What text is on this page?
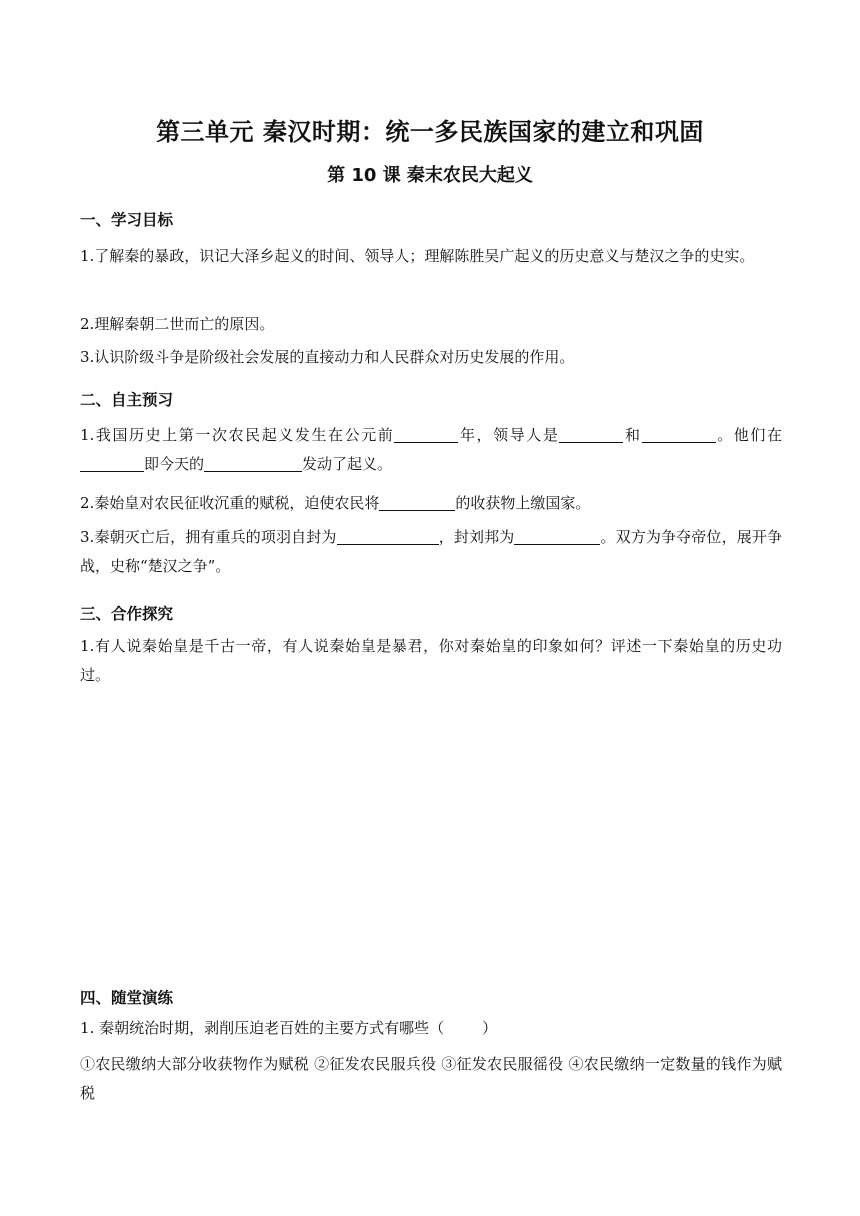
第三单元 秦汉时期：统一多民族国家的建立和巩固
第 10 课 秦末农民大起义
一、学习目标
1.了解秦的暴政，识记大泽乡起义的时间、领导人；理解陈胜吴广起义的历史意义与楚汉之争的史实。
2.理解秦朝二世而亡的原因。
3.认识阶级斗争是阶级社会发展的直接动力和人民群众对历史发展的作用。
二、自主预习
1.我国历史上第一次农民起义发生在公元前	年，领导人是	和	。他们在即今天的	发动了起义。
2.秦始皇对农民征收沉重的赋税，迫使农民将	的收获物上缴国家。
3.秦朝灭亡后，拥有重兵的项羽自封为	，封刘邦为	。双方为争夺帝位，展开争战，史称“楚汉之争”。
三、合作探究
1.有人说秦始皇是千古一帝，有人说秦始皇是暴君，你对秦始皇的印象如何？评述一下秦始皇的历史功过。
四、随堂演练
1. 秦朝统治时期，剥削压迫老百姓的主要方式有哪些（	）
①农民缴纳大部分收获物作为赋税 ②征发农民服兵役 ③征发农民服徭役 ④农民缴纳一定数量的钱作为赋税
